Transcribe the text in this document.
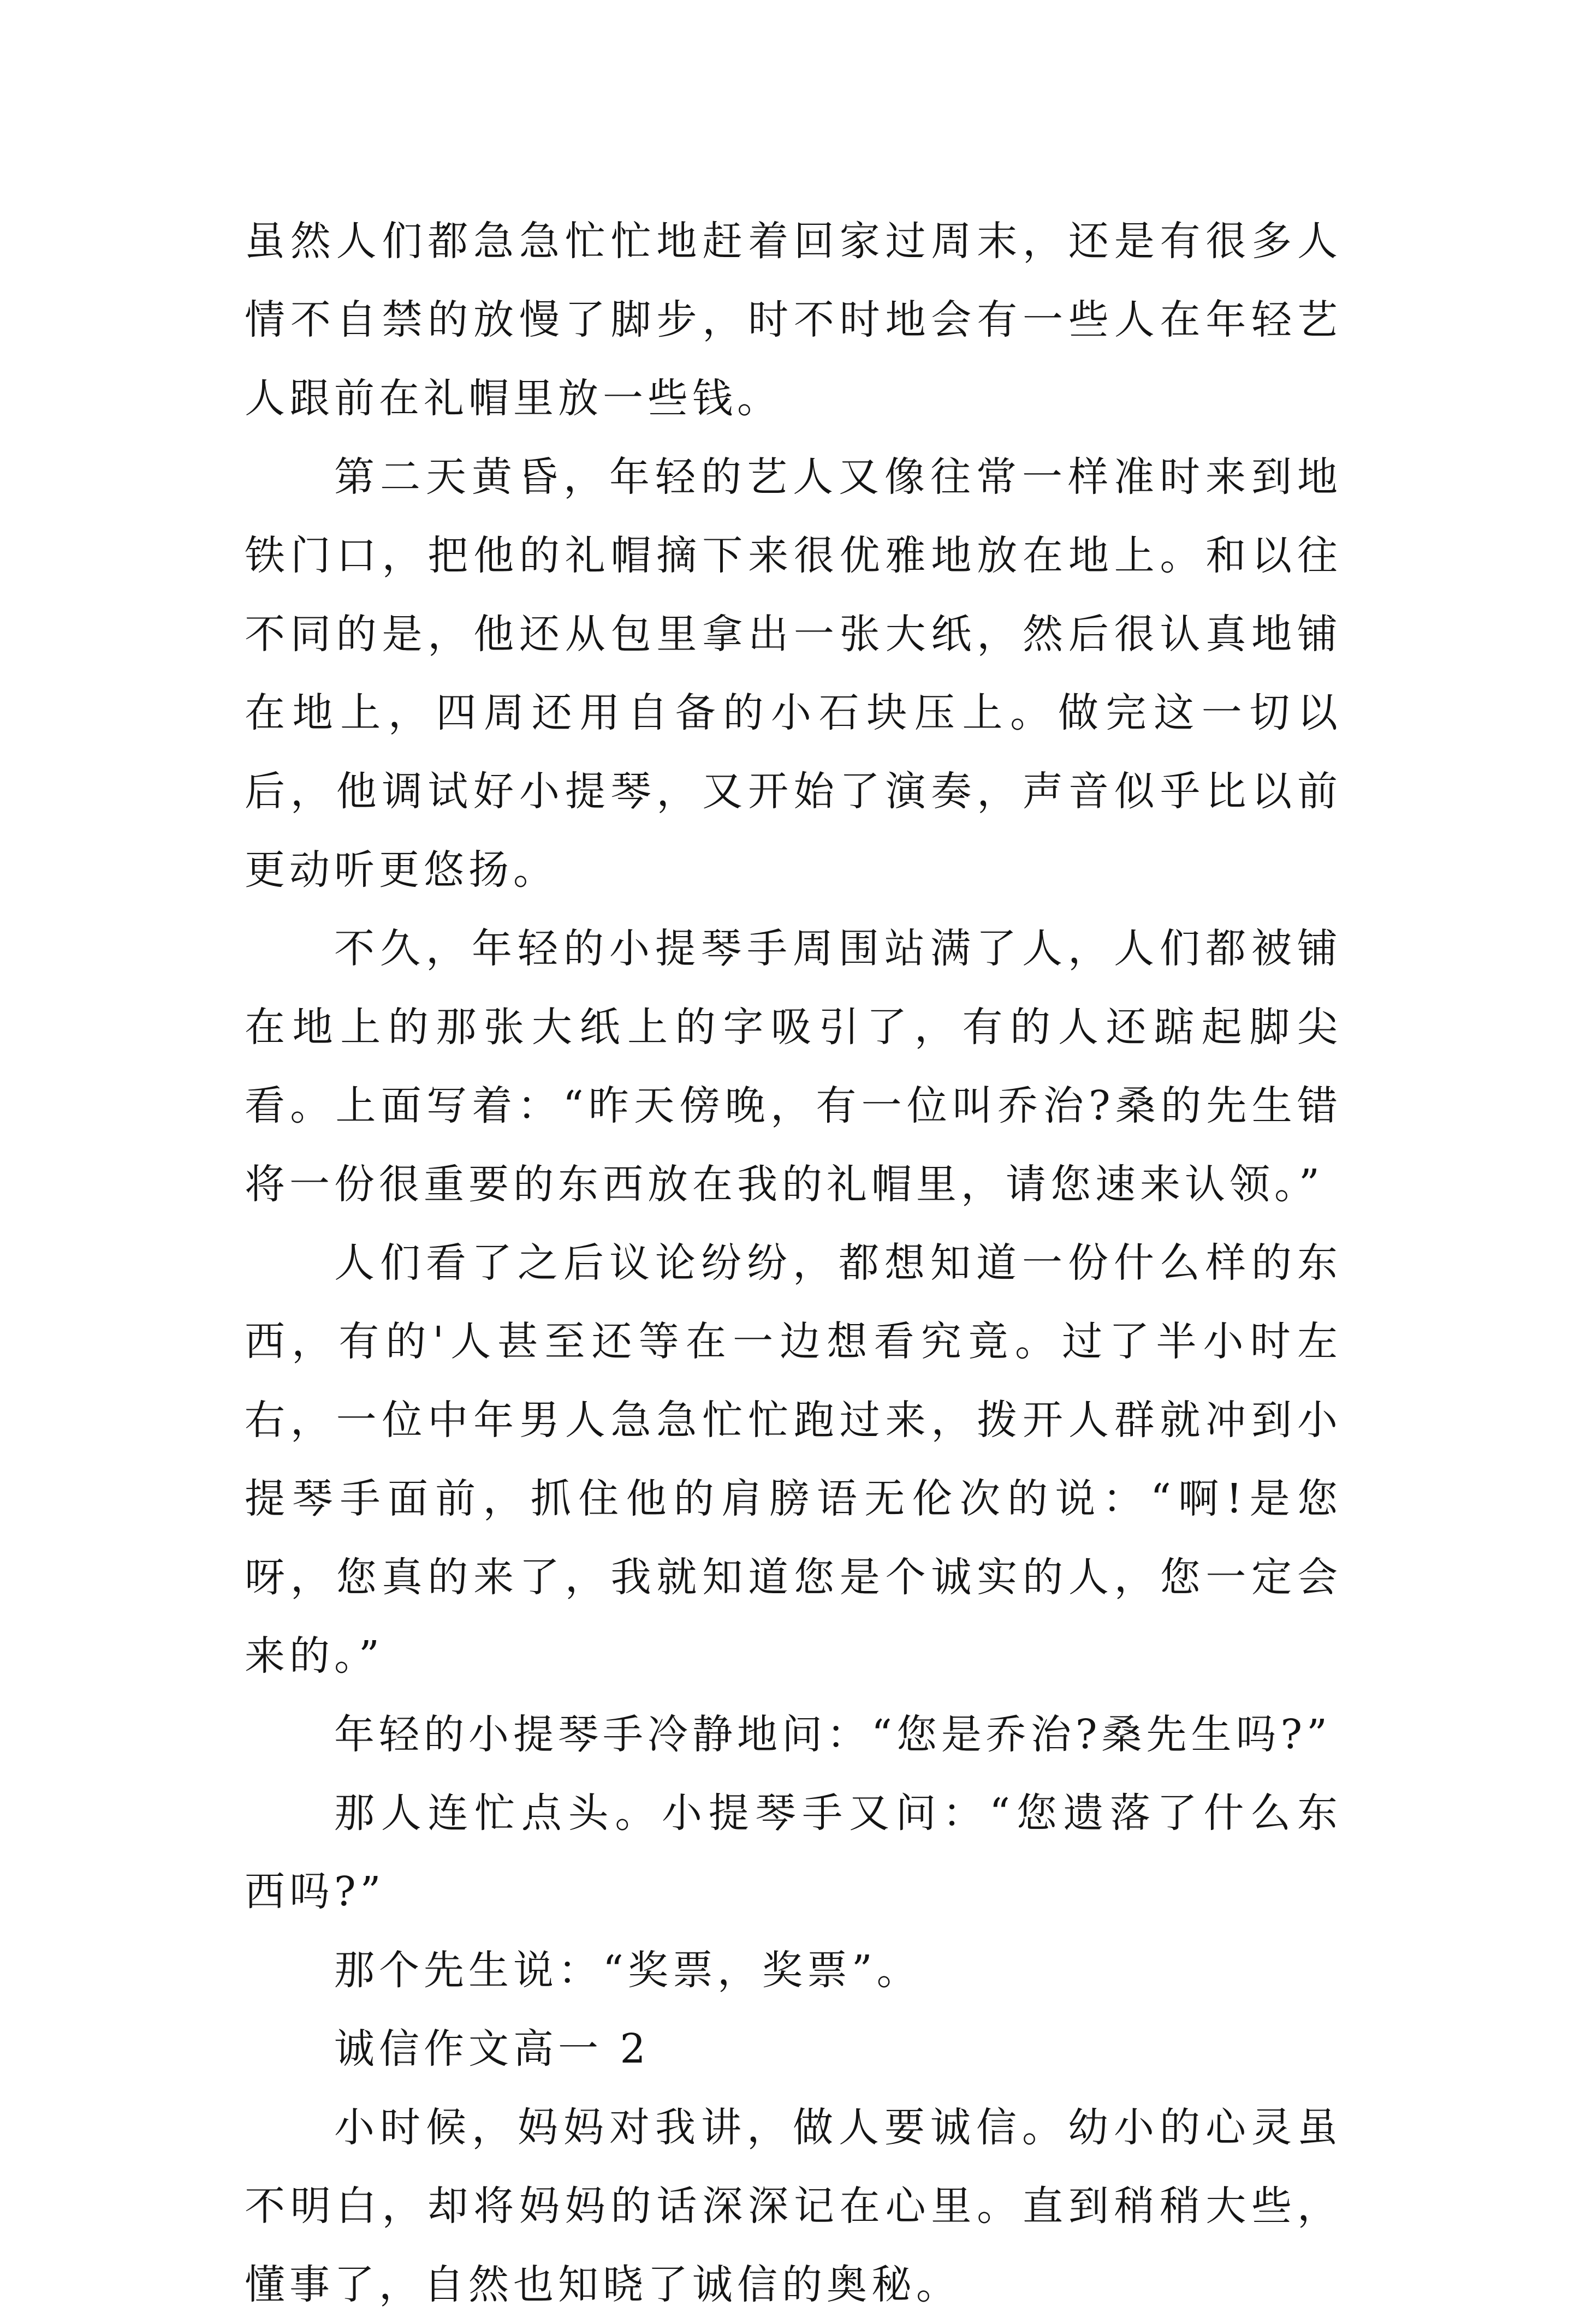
虽然人们都急急忙忙地赶着回家过周末，还是有很多人情不自禁的放慢了脚步，时不时地会有一些人在年轻艺人跟前在礼帽里放一些钱。

第二天黄昏，年轻的艺人又像往常一样准时来到地铁门口，把他的礼帽摘下来很优雅地放在地上。和以往不同的是，他还从包里拿出一张大纸，然后很认真地铺在地上，四周还用自备的小石块压上。做完这一切以后，他调试好小提琴，又开始了演奏，声音似乎比以前更动听更悠扬。

不久，年轻的小提琴手周围站满了人，人们都被铺在地上的那张大纸上的字吸引了，有的人还踮起脚尖看。上面写着：“昨天傍晚，有一位叫乔治?桑的先生错将一份很重要的东西放在我的礼帽里，请您速来认领。”

人们看了之后议论纷纷，都想知道一份什么样的东西，有的'人甚至还等在一边想看究竟。过了半小时左右，一位中年男人急急忙忙跑过来，拨开人群就冲到小提琴手面前，抓住他的肩膀语无伦次的说：“啊!是您呀，您真的来了，我就知道您是个诚实的人，您一定会来的。”

年轻的小提琴手冷静地问：“您是乔治?桑先生吗?”

那人连忙点头。小提琴手又问：“您遗落了什么东西吗?”

那个先生说：“奖票，奖票”。

诚信作文高一 2

小时候，妈妈对我讲，做人要诚信。幼小的心灵虽不明白，却将妈妈的话深深记在心里。直到稍稍大些，懂事了，自然也知晓了诚信的奥秘。
